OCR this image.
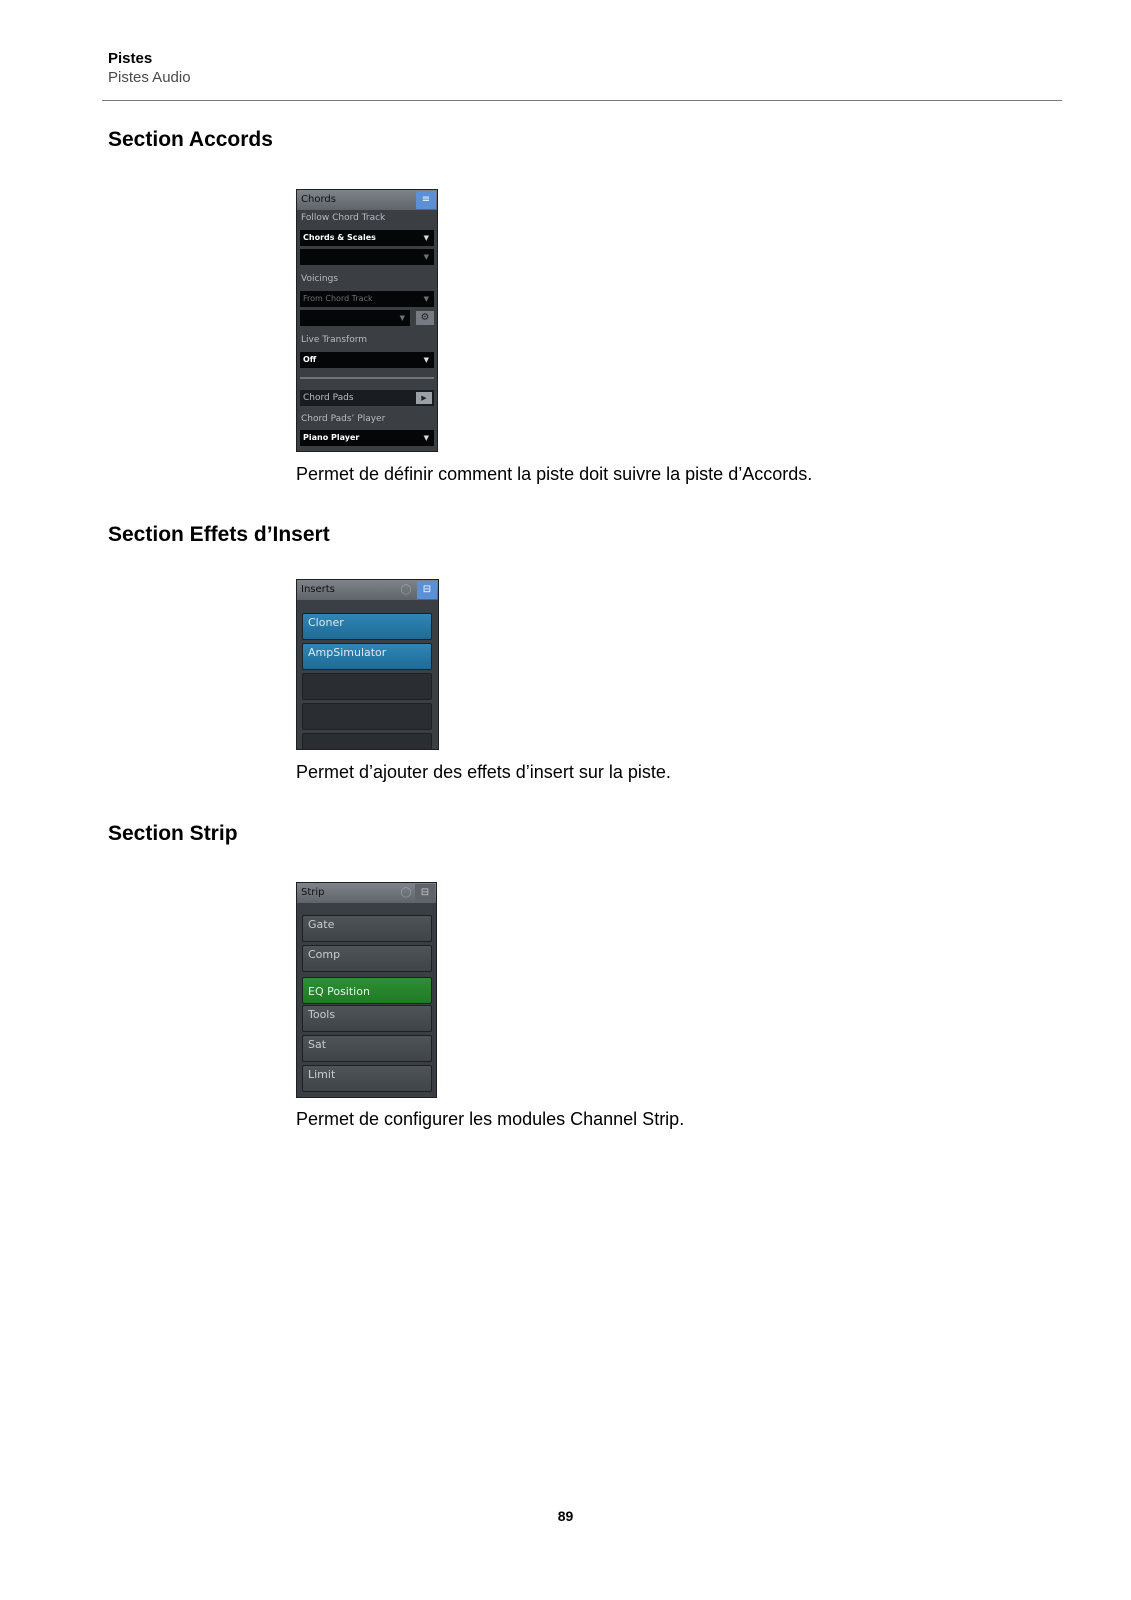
Pistes
Pistes Audio
Section Accords
Chords	≡
Follow Chord Track
Chords & Scales	▼
▼
Voicings
From Chord Track	▼
▼	⚙
Live Transform
Off	▼
Chord Pads	▶
Chord Pads’ Player
Piano Player	▼
Permet de définir comment la piste doit suivre la piste d’Accords.
Section Effets d’Insert
Inserts	◯	⊟
Cloner
AmpSimulator
Permet d’ajouter des effets d’insert sur la piste.
Section Strip
Strip	◯ ⊟
Gate
Comp
EQ Position
Tools
Sat
Limit
Permet de configurer les modules Channel Strip.
89
